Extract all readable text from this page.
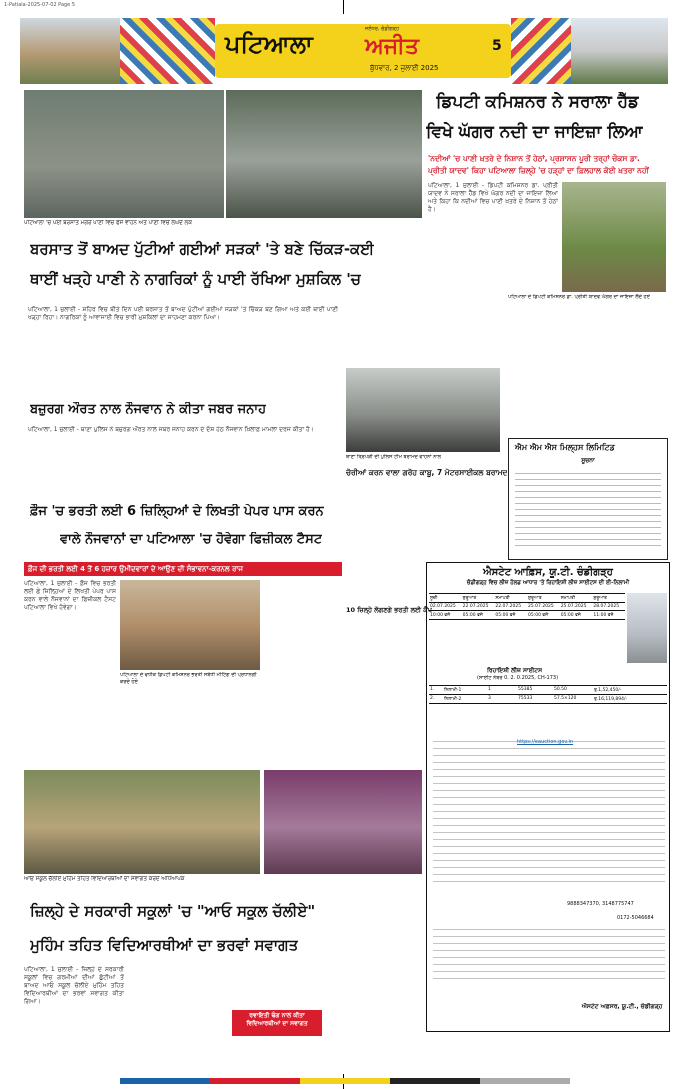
1-Patiala-2025-07-02 Page 5
ਪਟਿਆਲਾ ਅਜੀਤ
ਜਲੰਧਰ, ਚੰਡੀਗੜ੍ਹ
ਬੁੱਧਵਾਰ, 2 ਜੁਲਾਈ 2025
5
ਪਟਿਆਲਾ 'ਚ ਪਈ ਬਰਸਾਤ ਮਗਰੋਂ ਪਾਣੀ ਵਿਚ ਫਸੇ ਵਾਹਨ ਅਤੇ ਪਾਣੀ ਵਿਚੋਂ ਲੰਘਦੇ ਲੋਕ
ਡਿਪਟੀ ਕਮਿਸ਼ਨਰ ਨੇ ਸਰਾਲਾ ਹੈੱਡ
ਵਿਖੇ ਘੱਗਰ ਨਦੀ ਦਾ ਜਾਇਜ਼ਾ ਲਿਆ
'ਨਦੀਆਂ 'ਚ ਪਾਣੀ ਖ਼ਤਰੇ ਦੇ ਨਿਸ਼ਾਨ ਤੋਂ ਹੇਠਾਂ, ਪ੍ਰਸ਼ਾਸਨ ਪੂਰੀ ਤਰ੍ਹਾਂ ਚੌਕਸ ਡਾ.
ਪ੍ਰੀਤੀ ਯਾਦਵ' ਕਿਹਾ ਪਟਿਆਲਾ ਜ਼ਿਲ੍ਹੇ 'ਚ ਹੜ੍ਹਾਂ ਦਾ ਫ਼ਿਲਹਾਲ ਕੋਈ ਖ਼ਤਰਾ ਨਹੀਂ
ਪਟਿਆਲਾ, 1 ਜੁਲਾਈ - ਡਿਪਟੀ ਕਮਿਸ਼ਨਰ ਡਾ. ਪ੍ਰੀਤੀ ਯਾਦਵ ਨੇ ਸਰਾਲਾ ਹੈੱਡ ਵਿਖੇ ਘੱਗਰ ਨਦੀ ਦਾ ਜਾਇਜ਼ਾ ਲਿਆ ਅਤੇ ਕਿਹਾ ਕਿ ਨਦੀਆਂ ਵਿਚ ਪਾਣੀ ਖ਼ਤਰੇ ਦੇ ਨਿਸ਼ਾਨ ਤੋਂ ਹੇਠਾਂ ਹੈ।
ਪਟਿਆਲਾ ਦੇ ਡਿਪਟੀ ਕਮਿਸ਼ਨਰ ਡਾ. ਪ੍ਰੀਤੀ ਯਾਦਵ ਘੱਗਰ ਦਾ ਜਾਇਜ਼ਾ ਲੈਂਦੇ ਹੋਏ
ਬਰਸਾਤ ਤੋਂ ਬਾਅਦ ਪੁੱਟੀਆਂ ਗਈਆਂ ਸੜਕਾਂ 'ਤੇ ਬਣੇ ਚਿੱਕੜ-ਕਈ
ਥਾਈਂ ਖੜ੍ਹੇ ਪਾਣੀ ਨੇ ਨਾਗਰਿਕਾਂ ਨੂੰ ਪਾਈ ਰੱਖਿਆ ਮੁਸ਼ਕਿਲ 'ਚ
ਪਟਿਆਲਾ, 1 ਜੁਲਾਈ - ਸ਼ਹਿਰ ਵਿਚ ਬੀਤੇ ਦਿਨ ਪਈ ਬਰਸਾਤ ਤੋਂ ਬਾਅਦ ਪੁੱਟੀਆਂ ਗਈਆਂ ਸੜਕਾਂ 'ਤੇ ਚਿੱਕੜ ਬਣ ਗਿਆ ਅਤੇ ਕਈ ਥਾਈਂ ਪਾਣੀ ਖੜ੍ਹਾ ਰਿਹਾ। ਨਾਗਰਿਕਾਂ ਨੂੰ ਆਵਾਜਾਈ ਵਿਚ ਭਾਰੀ ਮੁਸ਼ਕਿਲਾਂ ਦਾ ਸਾਹਮਣਾ ਕਰਨਾ ਪਿਆ।
ਬਜ਼ੁਰਗ ਔਰਤ ਨਾਲ ਨੌਜਵਾਨ ਨੇ ਕੀਤਾ ਜਬਰ ਜਨਾਹ
ਪਟਿਆਲਾ, 1 ਜੁਲਾਈ - ਥਾਣਾ ਪੁਲਿਸ ਨੇ ਬਜ਼ੁਰਗ ਔਰਤ ਨਾਲ ਜਬਰ ਜਨਾਹ ਕਰਨ ਦੇ ਦੋਸ਼ ਹੇਠ ਨੌਜਵਾਨ ਖ਼ਿਲਾਫ਼ ਮਾਮਲਾ ਦਰਜ ਕੀਤਾ ਹੈ।
ਥਾਣਾ ਤ੍ਰਿਪੜੀ ਦੀ ਪੁਲਿਸ ਟੀਮ ਬਰਾਮਦ ਵਾਹਨਾਂ ਨਾਲ
ਚੋਰੀਆਂ ਕਰਨ ਵਾਲਾ ਗਰੋਹ ਕਾਬੂ, 7 ਮੋਟਰਸਾਈਕਲ ਬਰਾਮਦ
ਐਮ ਐਮ ਐਸ ਮਿਲ੍ਹਸ ਲਿਮਿਟਿਡ
ਸੂਚਨਾ
ਫ਼ੌਜ 'ਚ ਭਰਤੀ ਲਈ 6 ਜ਼ਿਲ੍ਹਿਆਂ ਦੇ ਲਿਖਤੀ ਪੇਪਰ ਪਾਸ ਕਰਨ
ਵਾਲੇ ਨੌਜਵਾਨਾਂ ਦਾ ਪਟਿਆਲਾ 'ਚ ਹੋਵੇਗਾ ਫਿਜ਼ੀਕਲ ਟੈਸਟ
ਫ਼ੌਜ ਦੀ ਭਰਤੀ ਲਈ 4 ਤੋਂ 6 ਹਜ਼ਾਰ ਉਮੀਦਵਾਰਾਂ ਦੇ ਆਉਣ ਦੀ ਸੰਭਾਵਨਾ-ਕਰਨਲ ਰਾਜ
ਪਟਿਆਲਾ, 1 ਜੁਲਾਈ - ਫ਼ੌਜ ਵਿਚ ਭਰਤੀ ਲਈ ਛੇ ਜ਼ਿਲ੍ਹਿਆਂ ਦੇ ਲਿਖਤੀ ਪੇਪਰ ਪਾਸ ਕਰਨ ਵਾਲੇ ਨੌਜਵਾਨਾਂ ਦਾ ਫਿਜ਼ੀਕਲ ਟੈਸਟ ਪਟਿਆਲਾ ਵਿਖੇ ਹੋਵੇਗਾ।
ਪਟਿਆਲਾ ਦੇ ਵਧੀਕ ਡਿਪਟੀ ਕਮਿਸ਼ਨਰ ਭਰਤੀ ਸਬੰਧੀ ਮੀਟਿੰਗ ਦੀ ਪ੍ਰਧਾਨਗੀ ਕਰਦੇ ਹੋਏ
10 ਜ਼ਿਲ੍ਹੇ ਲੱਗਣਗੇ ਭਰਤੀ ਲਈ ਕੈਂਪ
ਐਸਟੇਟ ਆਫ਼ਿਸ, ਯੂ.ਟੀ. ਚੰਡੀਗੜ੍ਹ
ਚੰਡੀਗੜ੍ਹ ਵਿਚ ਲੀਜ਼ ਹੋਲਡ ਆਧਾਰ 'ਤੇ ਰਿਹਾਇਸ਼ੀ ਲੀਜ਼ ਸਾਈਟਸ ਦੀ ਈ-ਨਿਲਾਮੀ
ਸੂਚੀ	ਸ਼ੁਰੂਆਤ	ਸਮਾਪਤੀ	ਸ਼ੁਰੂਆਤ	ਸਮਾਪਤੀ	ਸ਼ੁਰੂਆਤ
02.07.2025	22.07.2025	22.07.2025	25.07.2025	25.07.2025	28.07.2025
10:00 ਵਜੇ	05:00 ਵਜੇ	05:00 ਵਜੇ	05:00 ਵਜੇ	05:00 ਵਜੇ	11:00 ਵਜੇ
ਰਿਹਾਇਸ਼ੀ ਲੀਜ਼ ਸਾਈਟਸ
(ਸਾਈਟ ਨੰਬਰ 0. 2. 0.2025, CH-173)
1.	ਨਿਲਾਮੀ-1	1	55385	50.50	ਰੁ.1,52,450/-
2.	ਨਿਲਾਮੀ-2	3	75533	57.5×120	ਰੁ.16,119,894/-
https://eauction.gov.in
9888347370, 3148775747
0172-5046684
ਐਸਟੇਟ ਅਫ਼ਸਰ, ਯੂ.ਟੀ., ਚੰਡੀਗੜ੍ਹ
ਆਓ ਸਕੂਲ ਚੱਲੀਏ ਮੁਹਿੰਮ ਤਹਿਤ ਵਿਦਿਆਰਥੀਆਂ ਦਾ ਸਵਾਗਤ ਕਰਦੇ ਅਧਿਆਪਕ
ਜ਼ਿਲ੍ਹੇ ਦੇ ਸਰਕਾਰੀ ਸਕੂਲਾਂ 'ਚ "ਆਓ ਸਕੂਲ ਚੱਲੀਏ"
ਮੁਹਿੰਮ ਤਹਿਤ ਵਿਦਿਆਰਥੀਆਂ ਦਾ ਭਰਵਾਂ ਸਵਾਗਤ
ਪਟਿਆਲਾ, 1 ਜੁਲਾਈ - ਜ਼ਿਲ੍ਹੇ ਦੇ ਸਰਕਾਰੀ ਸਕੂਲਾਂ ਵਿਚ ਗਰਮੀਆਂ ਦੀਆਂ ਛੁੱਟੀਆਂ ਤੋਂ ਬਾਅਦ ਆਓ ਸਕੂਲ ਚੱਲੀਏ ਮੁਹਿੰਮ ਤਹਿਤ ਵਿਦਿਆਰਥੀਆਂ ਦਾ ਭਰਵਾਂ ਸਵਾਗਤ ਕੀਤਾ ਗਿਆ।
ਰਵਾਇਤੀ ਢੰਗ ਨਾਲ ਕੀਤਾ ਵਿਦਿਆਰਥੀਆਂ ਦਾ ਸਵਾਗਤ
